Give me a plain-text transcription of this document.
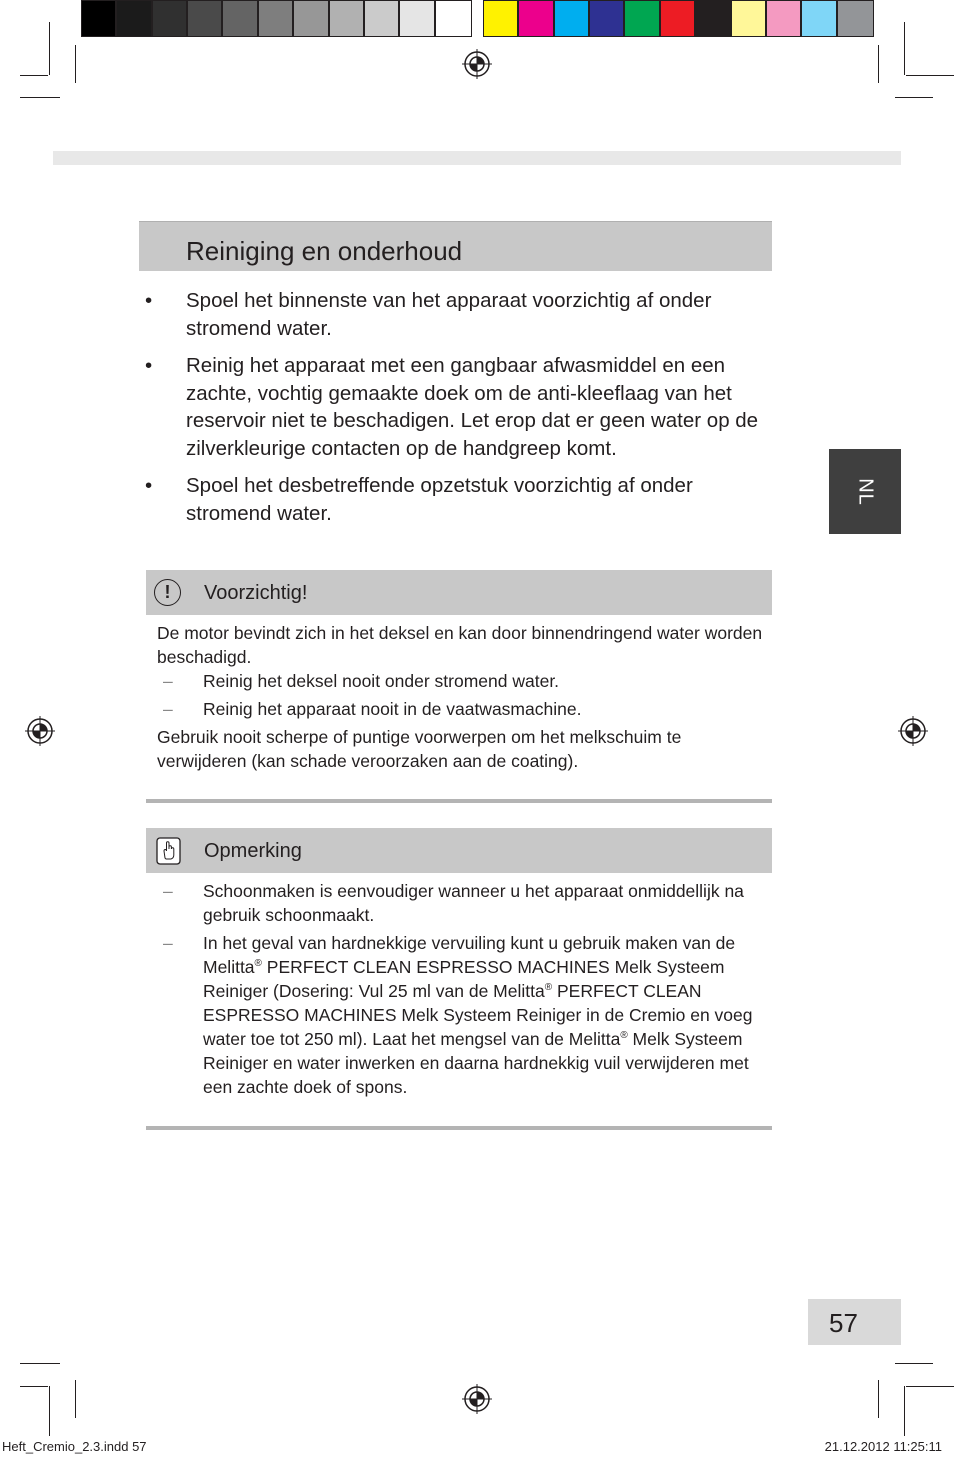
Reiniging en onderhoud
• Spoel het binnenste van het apparaat voorzichtig af onder stromend water.
• Reinig het apparaat met een gangbaar afwasmiddel en een zachte, vochtig gemaakte doek om de anti-kleeflaag van het reservoir niet te beschadigen. Let erop dat er geen water op de zilverkleurige contacten op de handgreep komt.
• Spoel het desbetreffende opzetstuk voorzichtig af onder stromend water.
NL
!	Voorzichtig!
De motor bevindt zich in het deksel en kan door binnendringend water worden beschadigd.
– Reinig het deksel nooit onder stromend water.
– Reinig het apparaat nooit in de vaatwasmachine.
Gebruik nooit scherpe of puntige voorwerpen om het melkschuim te verwijderen (kan schade veroorzaken aan de coating).
Opmerking
– Schoonmaken is eenvoudiger wanneer u het apparaat onmiddellijk na gebruik schoonmaakt.
– In het geval van hardnekkige vervuiling kunt u gebruik maken van de Melitta® PERFECT CLEAN ESPRESSO MACHINES Melk Systeem Reiniger (Dosering: Vul 25 ml van de Melitta® PERFECT CLEAN ESPRESSO MACHINES Melk Systeem Reiniger in de Cremio en voeg water toe tot 250 ml). Laat het mengsel van de Melitta® Melk Systeem Reiniger en water inwerken en daarna hardnekkig vuil verwijderen met een zachte doek of spons.
57
Heft_Cremio_2.3.indd 57	21.12.2012 11:25:11
